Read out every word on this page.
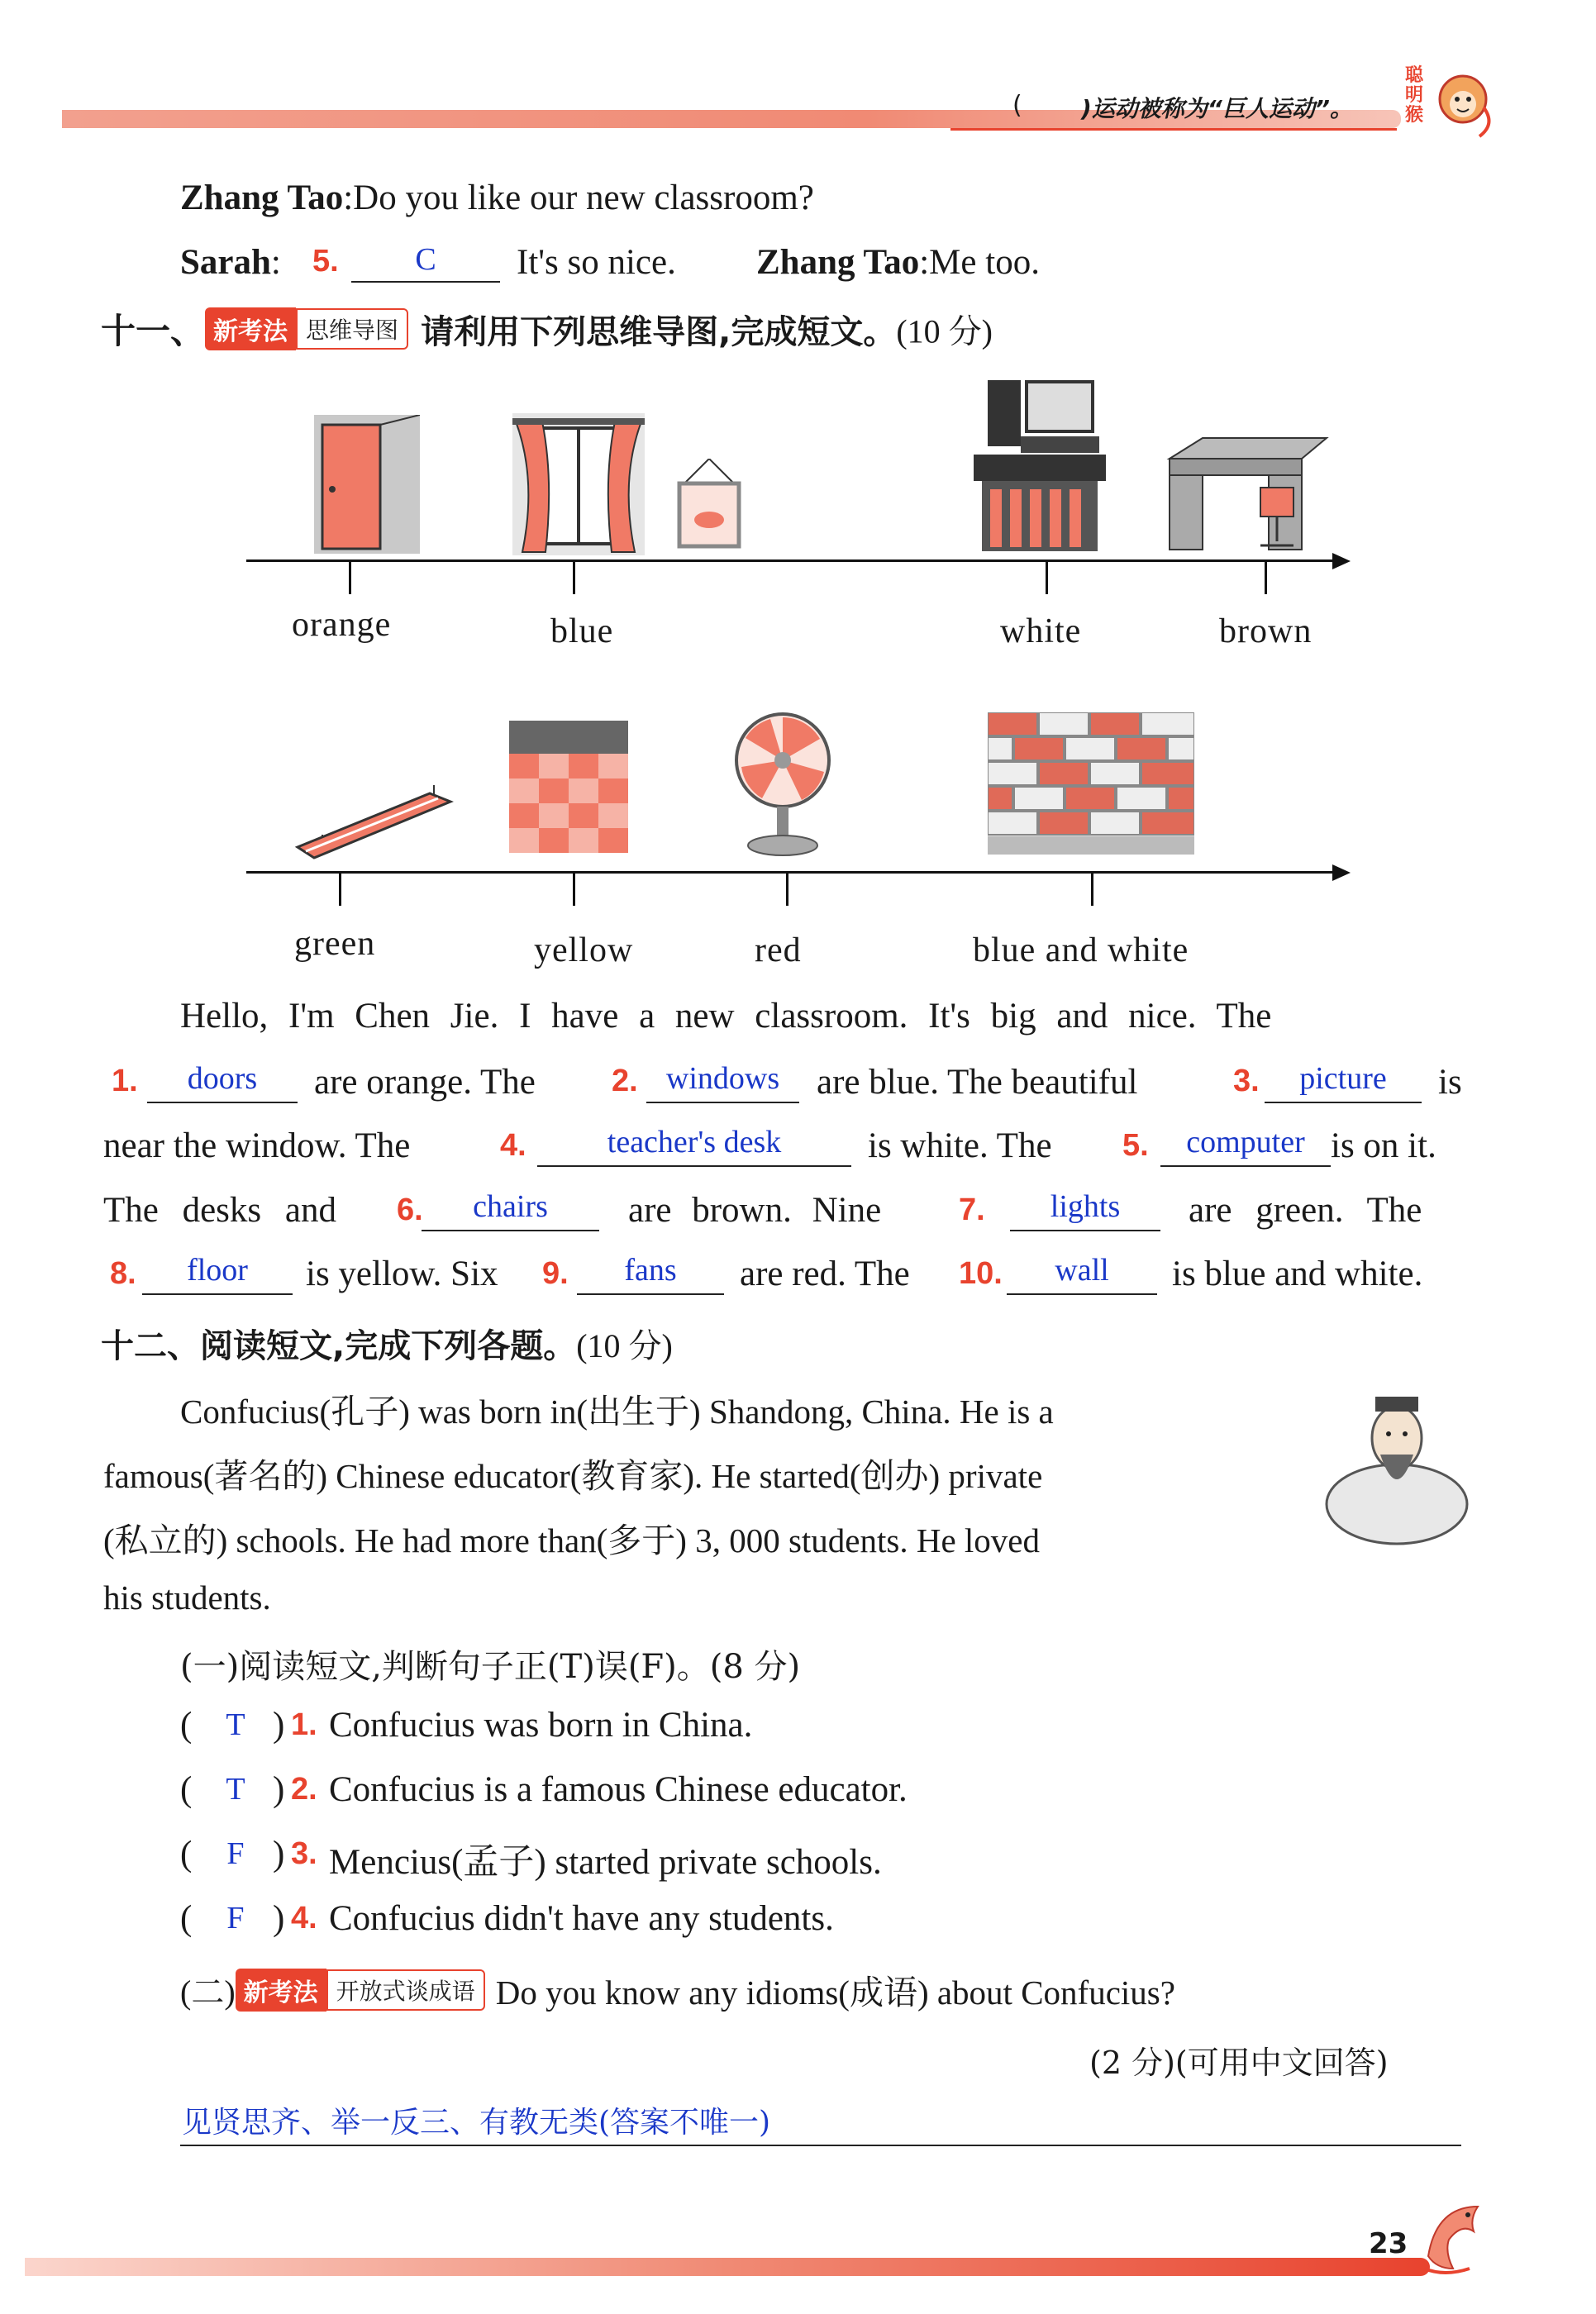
(	)运动被称为“巨人运动”。
聪明猴
Zhang Tao:Do you like our new classroom?
Sarah: 5.	C	It's so nice. Zhang Tao:Me too.
十一、 新考法 思维导图 请利用下列思维导图,完成短文。(10 分)
orange	blue	white	brown
green	yellow	red	blue and white
Hello, I'm Chen Jie. I have a new classroom. It's big and nice. The
1.	doors	are orange. The 2. windows	are blue. The beautiful	3.	picture	is
near the window. The	4.	teacher's desk	is white. The 5.	computer is on it.
The desks and 6.	chairs	are brown. Nine 7.	lights	are green. The
8.	floor	is yellow. Six 9.	fans	are red. The 10.	wall	is blue and white.
十二、阅读短文,完成下列各题。(10 分)
Confucius(孔子) was born in(出生于) Shandong, China. He is a
famous(著名的) Chinese educator(教育家). He started(创办) private
(私立的) schools. He had more than(多于) 3, 000 students. He loved
his students.
(一)阅读短文,判断句子正(T)误(F)。(8 分)
( T ) 1. Confucius was born in China.
( T ) 2. Confucius is a famous Chinese educator.
( F ) 3. Mencius(孟子) started private schools.
( F ) 4. Confucius didn't have any students.
(二) 新考法 开放式谈成语 Do you know any idioms(成语) about Confucius?
(2 分)(可用中文回答)
见贤思齐、举一反三、有教无类(答案不唯一)
23
